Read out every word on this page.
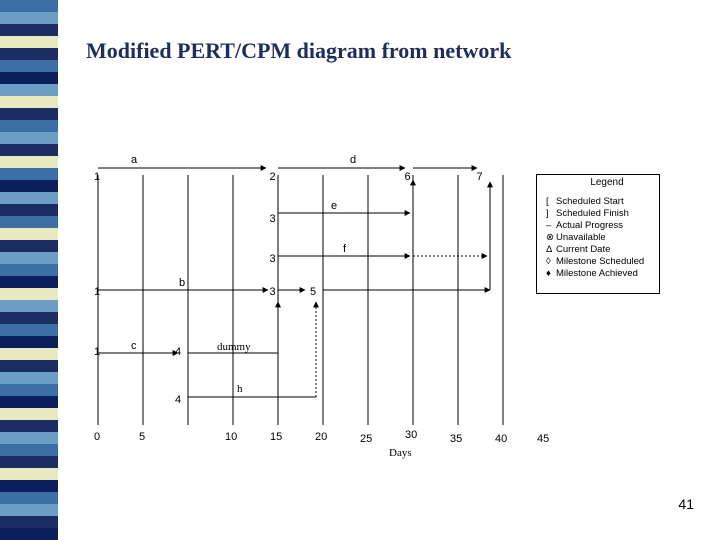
Modified PERT/CPM diagram from network
1	2	6	7
3
3
1	3	5
1	4
4
a	d
e
f
b
c	dummy
h
0	5	10	15	20	25	30	35	40	45
Days
Legend
[ Scheduled Start
] Scheduled Finish
– Actual Progress
⊗ Unavailable
Δ Current Date
◊ Milestone Scheduled
♦ Milestone Achieved
41
